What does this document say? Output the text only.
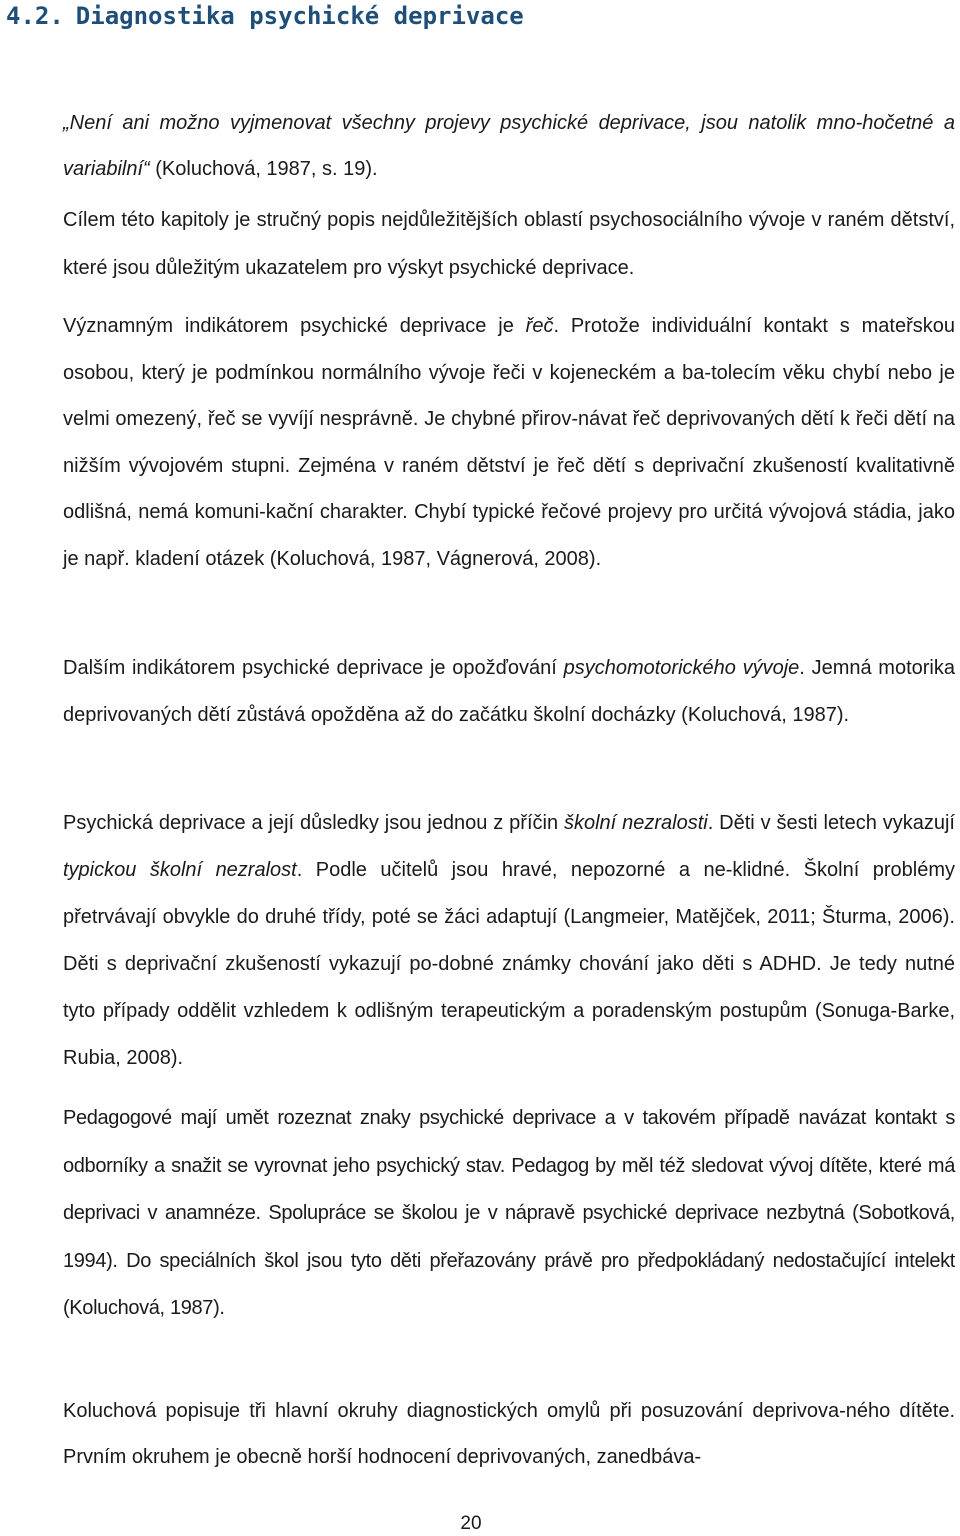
4.2. Diagnostika psychické deprivace

„Není ani možno vyjmenovat všechny projevy psychické deprivace, jsou natolik mno-hočetné a variabilní“ (Koluchová, 1987, s. 19).

Cílem této kapitoly je stručný popis nejdůležitějších oblastí psychosociálního vývoje v raném dětství, které jsou důležitým ukazatelem pro výskyt psychické deprivace.

Významným indikátorem psychické deprivace je řeč. Protože individuální kontakt s mateřskou osobou, který je podmínkou normálního vývoje řeči v kojeneckém a ba-tolecím věku chybí nebo je velmi omezený, řeč se vyvíjí nesprávně. Je chybné přirov-návat řeč deprivovaných dětí k řeči dětí na nižším vývojovém stupni. Zejména v raném dětství je řeč dětí s deprivační zkušeností kvalitativně odlišná, nemá komuni-kační charakter. Chybí typické řečové projevy pro určitá vývojová stádia, jako je např. kladení otázek (Koluchová, 1987, Vágnerová, 2008).

Dalším indikátorem psychické deprivace je opožďování psychomotorického vývoje. Jemná motorika deprivovaných dětí zůstává opožděna až do začátku školní docházky (Koluchová, 1987).

Psychická deprivace a její důsledky jsou jednou z příčin školní nezralosti. Děti v šesti letech vykazují typickou školní nezralost. Podle učitelů jsou hravé, nepozorné a ne-klidné. Školní problémy přetrvávají obvykle do druhé třídy, poté se žáci adaptují (Langmeier, Matějček, 2011; Šturma, 2006). Děti s deprivační zkušeností vykazují po-dobné známky chování jako děti s ADHD. Je tedy nutné tyto případy oddělit vzhledem k odlišným terapeutickým a poradenským postupům (Sonuga-Barke, Rubia, 2008).

Pedagogové mají umět rozeznat znaky psychické deprivace a v takovém případě navázat kontakt s odborníky a snažit se vyrovnat jeho psychický stav. Pedagog by měl též sledovat vývoj dítěte, které má deprivaci v anamnéze. Spolupráce se školou je v nápravě psychické deprivace nezbytná (Sobotková, 1994). Do speciálních škol jsou tyto děti přeřazovány právě pro předpokládaný nedostačující intelekt (Koluchová, 1987).

Koluchová popisuje tři hlavní okruhy diagnostických omylů při posuzování deprivova-ného dítěte. Prvním okruhem je obecně horší hodnocení deprivovaných, zanedbáva-

20
